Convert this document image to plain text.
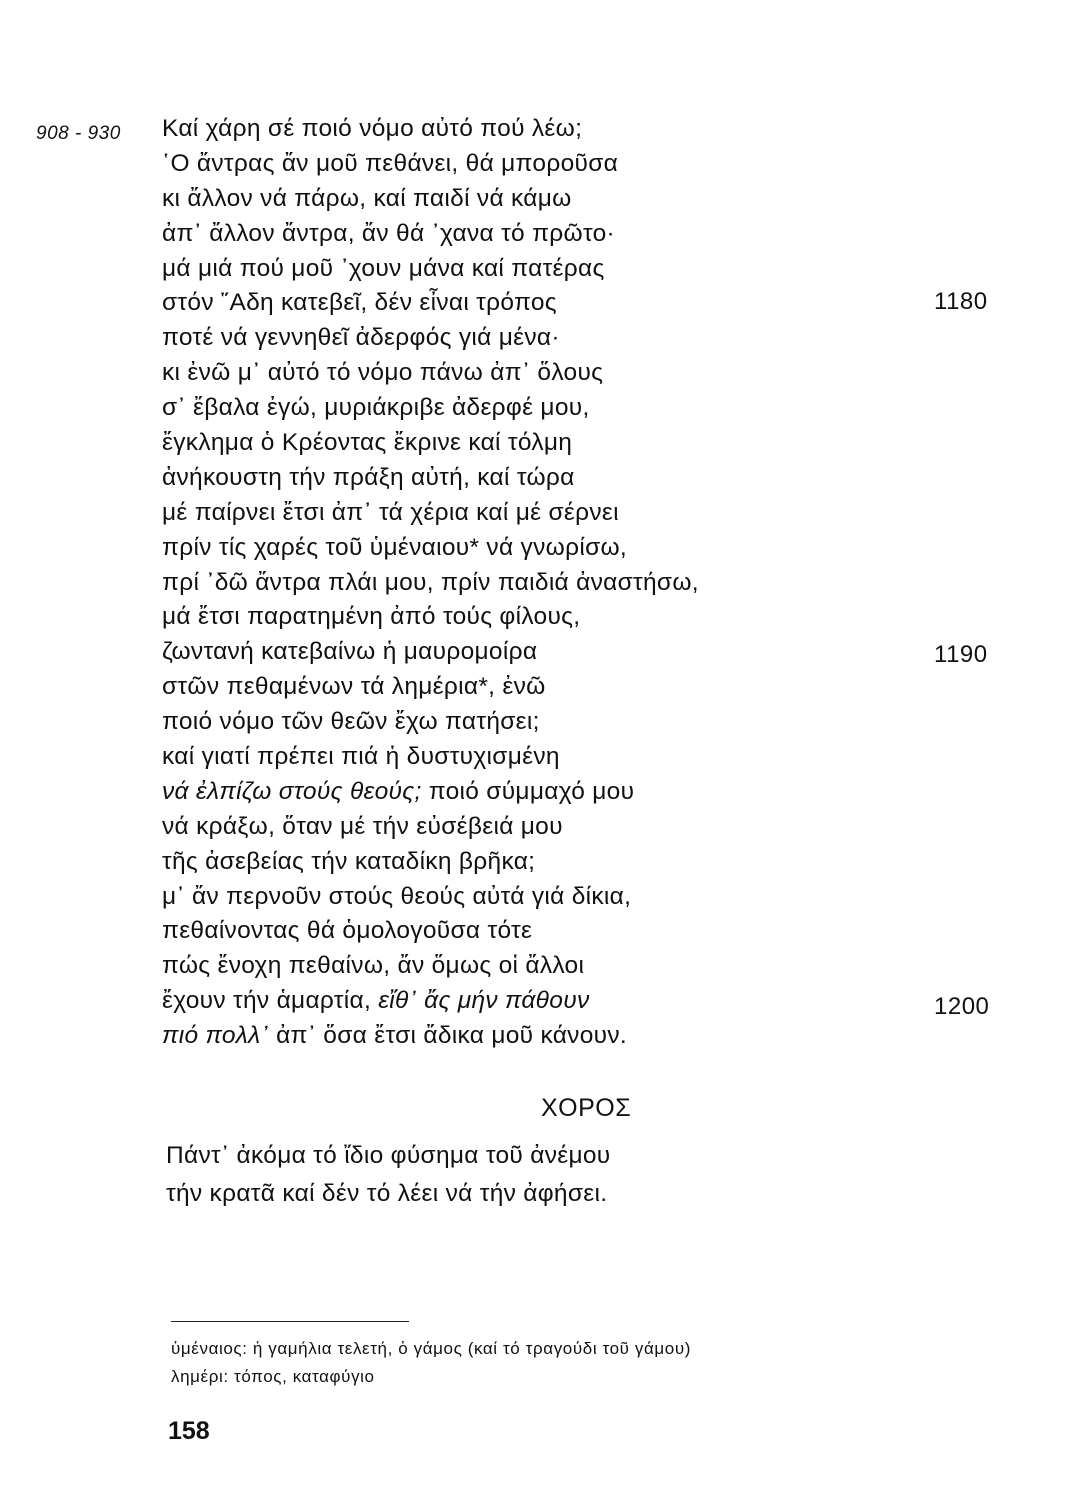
908 - 930 Καί χάρη σέ ποιό νόμο αὐτό πού λέω;
῾Ο ἄντρας ἄν μοῦ πεθάνει, θά μποροῦσα
κι ἄλλον νά πάρω, καί παιδί νά κάμω
ἀπ᾽ ἄλλον ἄντρα, ἄν θά ᾽χανα τό πρῶτο·
μά μιά πού μοῦ ᾽χουν μάνα καί πατέρας
στόν ῞Αδη κατεβεῖ, δέν εἶναι τρόπος
ποτέ νά γεννηθεῖ ἀδερφός γιά μένα·
κι ἐνῶ μ᾽ αὐτό τό νόμο πάνω ἀπ᾽ ὅλους
σ᾽ ἔβαλα ἐγώ, μυριάκριβε ἀδερφέ μου,
ἔγκλημα ὁ Κρέοντας ἔκρινε καί τόλμη
ἀνήκουστη τήν πράξη αὐτή, καί τώρα
μέ παίρνει ἔτσι ἀπ᾽ τά χέρια καί μέ σέρνει
πρίν τίς χαρές τοῦ ὑμέναιου* νά γνωρίσω,
πρί ᾽δῶ ἄντρα πλάι μου, πρίν παιδιά ἀναστήσω,
μά ἔτσι παρατημένη ἀπό τούς φίλους,
ζωντανή κατεβαίνω ἡ μαυρομοίρα
στῶν πεθαμένων τά λημέρια*, ἐνῶ
ποιό νόμο τῶν θεῶν ἔχω πατήσει;
καί γιατί πρέπει πιά ἡ δυστυχισμένη
νά ἐλπίζω στούς θεούς; ποιό σύμμαχό μου
νά κράξω, ὅταν μέ τήν εὐσέβειά μου
τῆς ἀσεβείας τήν καταδίκη βρῆκα;
μ᾽ ἄν περνοῦν στούς θεούς αὐτά γιά δίκια,
πεθαίνοντας θά ὁμολογοῦσα τότε
πώς ἔνοχη πεθαίνω, ἄν ὅμως οἱ ἄλλοι
ἔχουν τήν ἁμαρτία, εἴθ᾽ ἄς μήν πάθουν
πιό πολλ᾽ ἀπ᾽ ὅσα ἔτσι ἄδικα μοῦ κάνουν.
1180
1190
1200
ΧΟΡΟΣ
Πάντ᾽ ἀκόμα τό ἴδιο φύσημα τοῦ ἀνέμου
τήν κρατᾶ καί δέν τό λέει νά τήν ἀφήσει.
ὑμέναιος: ἡ γαμήλια τελετή, ὁ γάμος (καί τό τραγούδι τοῦ γάμου)
λημέρι: τόπος, καταφύγιο
158
